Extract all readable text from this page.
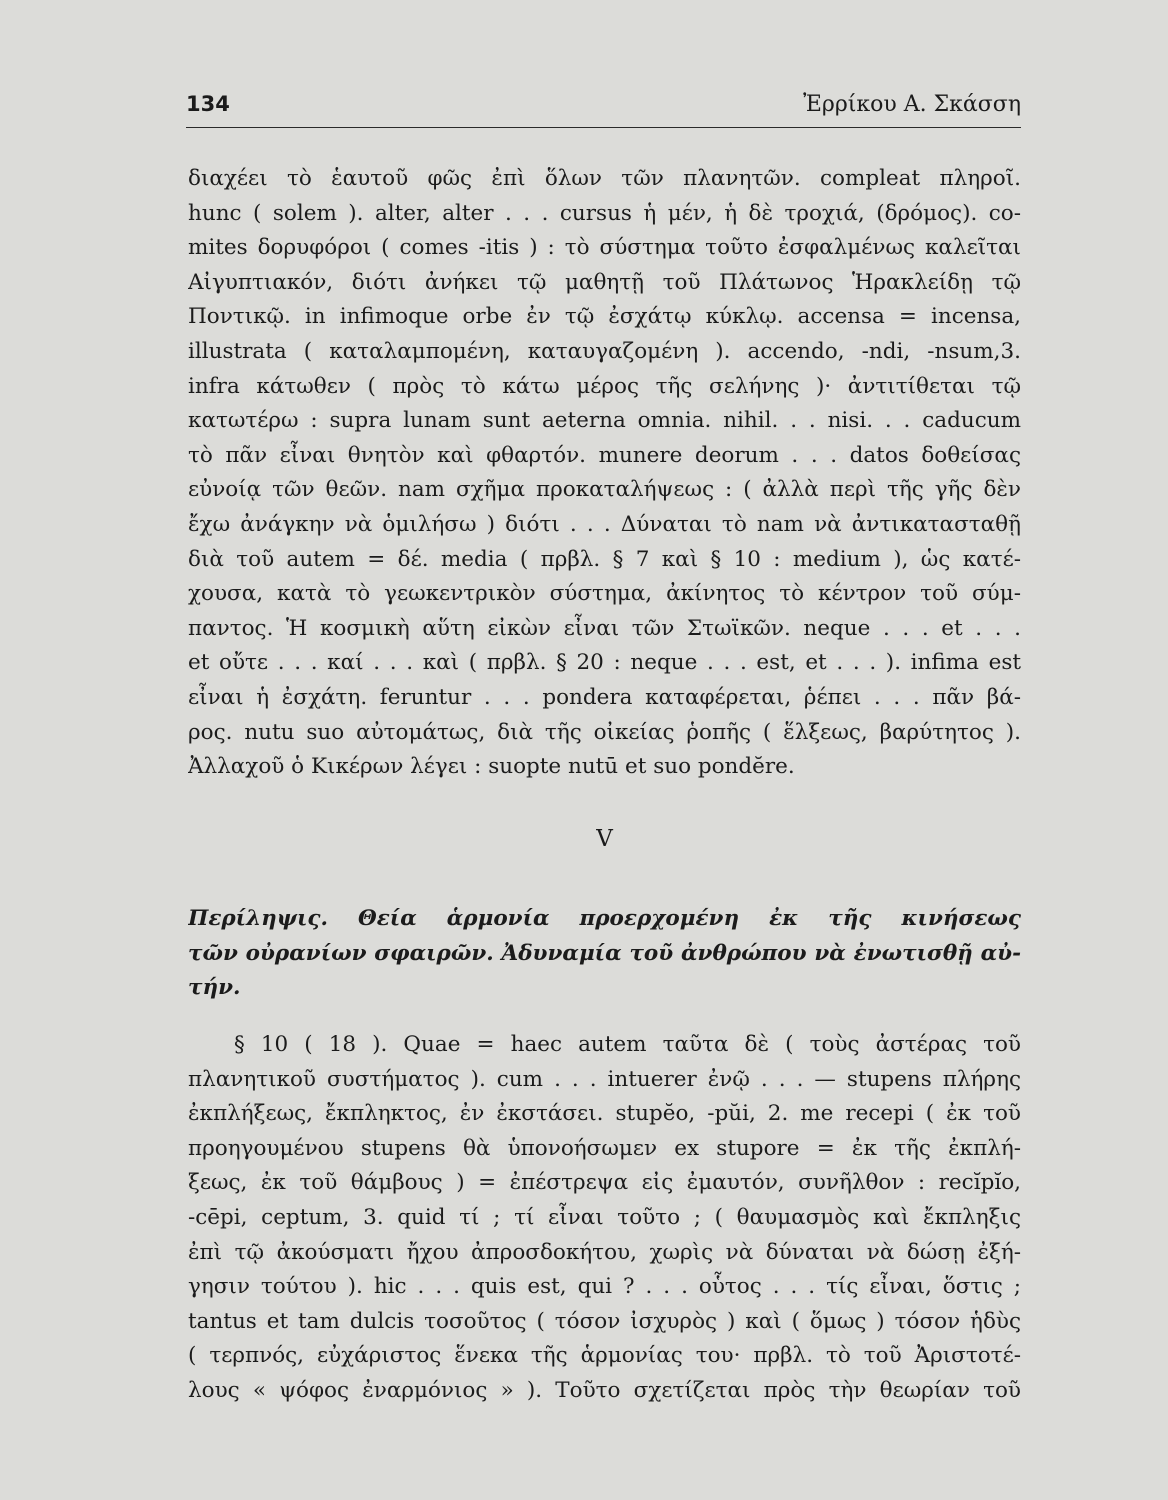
134	Ἐρρίκου Α. Σκάσση
διαχέει τὸ ἑαυτοῦ φῶς ἐπὶ ὅλων τῶν πλανητῶν. compleat πληροῖ.
hunc ( solem ). alter, alter . . . cursus ἡ μέν, ἡ δὲ τροχιά, (δρόμος). co-
mites δορυφόροι ( comes -itis ) : τὸ σύστημα τοῦτο ἐσφαλμένως καλεῖται
Αἰγυπτιακόν, διότι ἀνήκει τῷ μαθητῇ τοῦ Πλάτωνος Ἡρακλείδῃ τῷ
Ποντικῷ. in infimoque orbe ἐν τῷ ἐσχάτῳ κύκλῳ. accensa = incensa,
illustrata ( καταλαμπομένη, καταυγαζομένη ). accendo, -ndi, -nsum,3.
infra κάτωθεν ( πρὸς τὸ κάτω μέρος τῆς σελήνης )· ἀντιτίθεται τῷ
κατωτέρω : supra lunam sunt aeterna omnia. nihil. . . nisi. . . caducum
τὸ πᾶν εἶναι θνητὸν καὶ φθαρτόν. munere deorum . . . datos δοθείσας
εὐνοίᾳ τῶν θεῶν. nam σχῆμα προκαταλήψεως : ( ἀλλὰ περὶ τῆς γῆς δὲν
ἔχω ἀνάγκην νὰ ὁμιλήσω ) διότι . . . Δύναται τὸ nam νὰ ἀντικατασταθῇ
διὰ τοῦ autem = δέ. media ( πρβλ. § 7 καὶ § 10 : medium ), ὡς κατέ-
χουσα, κατὰ τὸ γεωκεντρικὸν σύστημα, ἀκίνητος τὸ κέντρον τοῦ σύμ-
παντος. Ἡ κοσμικὴ αὕτη εἰκὼν εἶναι τῶν Στωϊκῶν. neque . . . et . . .
et οὔτε . . . καί . . . καὶ ( πρβλ. § 20 : neque . . . est, et . . . ). infima est
εἶναι ἡ ἐσχάτη. feruntur . . . pondera καταφέρεται, ῥέπει . . . πᾶν βά-
ρος. nutu suo αὐτομάτως, διὰ τῆς οἰκείας ῥοπῆς ( ἕλξεως, βαρύτητος ).
Ἀλλαχοῦ ὁ Κικέρων λέγει : suopte nutū et suo pondĕre.
V
Περίληψις. Θεία ἁρμονία προερχομένη ἐκ τῆς κινήσεως
τῶν οὐρανίων σφαιρῶν. Ἀδυναμία τοῦ ἀνθρώπου νὰ ἐνωτισθῇ αὐ-
τήν.
§ 10 ( 18 ). Quae = haec autem ταῦτα δὲ ( τοὺς ἀστέρας τοῦ
πλανητικοῦ συστήματος ). cum . . . intuerer ἐνῷ . . . — stupens πλήρης
ἐκπλήξεως, ἔκπληκτος, ἐν ἐκστάσει. stupĕo, -pŭi, 2. me recepi ( ἐκ τοῦ
προηγουμένου stupens θὰ ὑπονοήσωμεν ex stupore = ἐκ τῆς ἐκπλή-
ξεως, ἐκ τοῦ θάμβους ) = ἐπέστρεψα εἰς ἐμαυτόν, συνῆλθον : recĭpĭo,
-cēpi, ceptum, 3. quid τί ; τί εἶναι τοῦτο ; ( θαυμασμὸς καὶ ἔκπληξις
ἐπὶ τῷ ἀκούσματι ἤχου ἀπροσδοκήτου, χωρὶς νὰ δύναται νὰ δώσῃ ἐξή-
γησιν τούτου ). hic . . . quis est, qui ? . . . οὗτος . . . τίς εἶναι, ὅστις ;
tantus et tam dulcis τοσοῦτος ( τόσον ἰσχυρὸς ) καὶ ( ὅμως ) τόσον ἡδὺς
( τερπνός, εὐχάριστος ἕνεκα τῆς ἁρμονίας του· πρβλ. τὸ τοῦ Ἀριστοτέ-
λους « ψόφος ἐναρμόνιος » ). Τοῦτο σχετίζεται πρὸς τὴν θεωρίαν τοῦ
